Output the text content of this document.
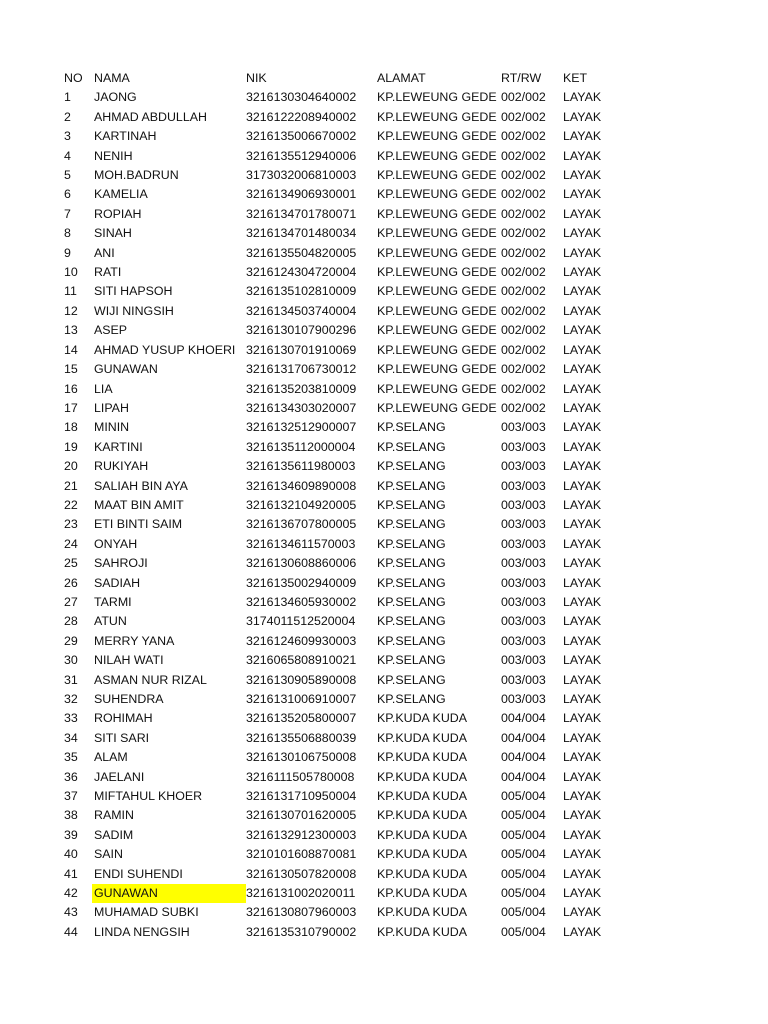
NO	NAMA	NIK	ALAMAT	RT/RW	KET
1	JAONG	3216130304640002	KP.LEWEUNG GEDE	002/002	LAYAK
2	AHMAD ABDULLAH	3216122208940002	KP.LEWEUNG GEDE	002/002	LAYAK
3	KARTINAH	3216135006670002	KP.LEWEUNG GEDE	002/002	LAYAK
4	NENIH	3216135512940006	KP.LEWEUNG GEDE	002/002	LAYAK
5	MOH.BADRUN	3173032006810003	KP.LEWEUNG GEDE	002/002	LAYAK
6	KAMELIA	3216134906930001	KP.LEWEUNG GEDE	002/002	LAYAK
7	ROPIAH	3216134701780071	KP.LEWEUNG GEDE	002/002	LAYAK
8	SINAH	3216134701480034	KP.LEWEUNG GEDE	002/002	LAYAK
9	ANI	3216135504820005	KP.LEWEUNG GEDE	002/002	LAYAK
10	RATI	3216124304720004	KP.LEWEUNG GEDE	002/002	LAYAK
11	SITI HAPSOH	3216135102810009	KP.LEWEUNG GEDE	002/002	LAYAK
12	WIJI NINGSIH	3216134503740004	KP.LEWEUNG GEDE	002/002	LAYAK
13	ASEP	3216130107900296	KP.LEWEUNG GEDE	002/002	LAYAK
14	AHMAD YUSUP KHOERI	3216130701910069	KP.LEWEUNG GEDE	002/002	LAYAK
15	GUNAWAN	3216131706730012	KP.LEWEUNG GEDE	002/002	LAYAK
16	LIA	3216135203810009	KP.LEWEUNG GEDE	002/002	LAYAK
17	LIPAH	3216134303020007	KP.LEWEUNG GEDE	002/002	LAYAK
18	MININ	3216132512900007	KP.SELANG	003/003	LAYAK
19	KARTINI	3216135112000004	KP.SELANG	003/003	LAYAK
20	RUKIYAH	3216135611980003	KP.SELANG	003/003	LAYAK
21	SALIAH BIN AYA	3216134609890008	KP.SELANG	003/003	LAYAK
22	MAAT BIN AMIT	3216132104920005	KP.SELANG	003/003	LAYAK
23	ETI BINTI SAIM	3216136707800005	KP.SELANG	003/003	LAYAK
24	ONYAH	3216134611570003	KP.SELANG	003/003	LAYAK
25	SAHROJI	3216130608860006	KP.SELANG	003/003	LAYAK
26	SADIAH	3216135002940009	KP.SELANG	003/003	LAYAK
27	TARMI	3216134605930002	KP.SELANG	003/003	LAYAK
28	ATUN	3174011512520004	KP.SELANG	003/003	LAYAK
29	MERRY YANA	3216124609930003	KP.SELANG	003/003	LAYAK
30	NILAH WATI	3216065808910021	KP.SELANG	003/003	LAYAK
31	ASMAN NUR RIZAL	3216130905890008	KP.SELANG	003/003	LAYAK
32	SUHENDRA	3216131006910007	KP.SELANG	003/003	LAYAK
33	ROHIMAH	3216135205800007	KP.KUDA KUDA	004/004	LAYAK
34	SITI SARI	3216135506880039	KP.KUDA KUDA	004/004	LAYAK
35	ALAM	3216130106750008	KP.KUDA KUDA	004/004	LAYAK
36	JAELANI	3216111505780008	KP.KUDA KUDA	004/004	LAYAK
37	MIFTAHUL KHOER	3216131710950004	KP.KUDA KUDA	005/004	LAYAK
38	RAMIN	3216130701620005	KP.KUDA KUDA	005/004	LAYAK
39	SADIM	3216132912300003	KP.KUDA KUDA	005/004	LAYAK
40	SAIN	3210101608870081	KP.KUDA KUDA	005/004	LAYAK
41	ENDI SUHENDI	3216130507820008	KP.KUDA KUDA	005/004	LAYAK
42	GUNAWAN	3216131002020011	KP.KUDA KUDA	005/004	LAYAK
43	MUHAMAD SUBKI	3216130807960003	KP.KUDA KUDA	005/004	LAYAK
44	LINDA NENGSIH	3216135310790002	KP.KUDA KUDA	005/004	LAYAK
